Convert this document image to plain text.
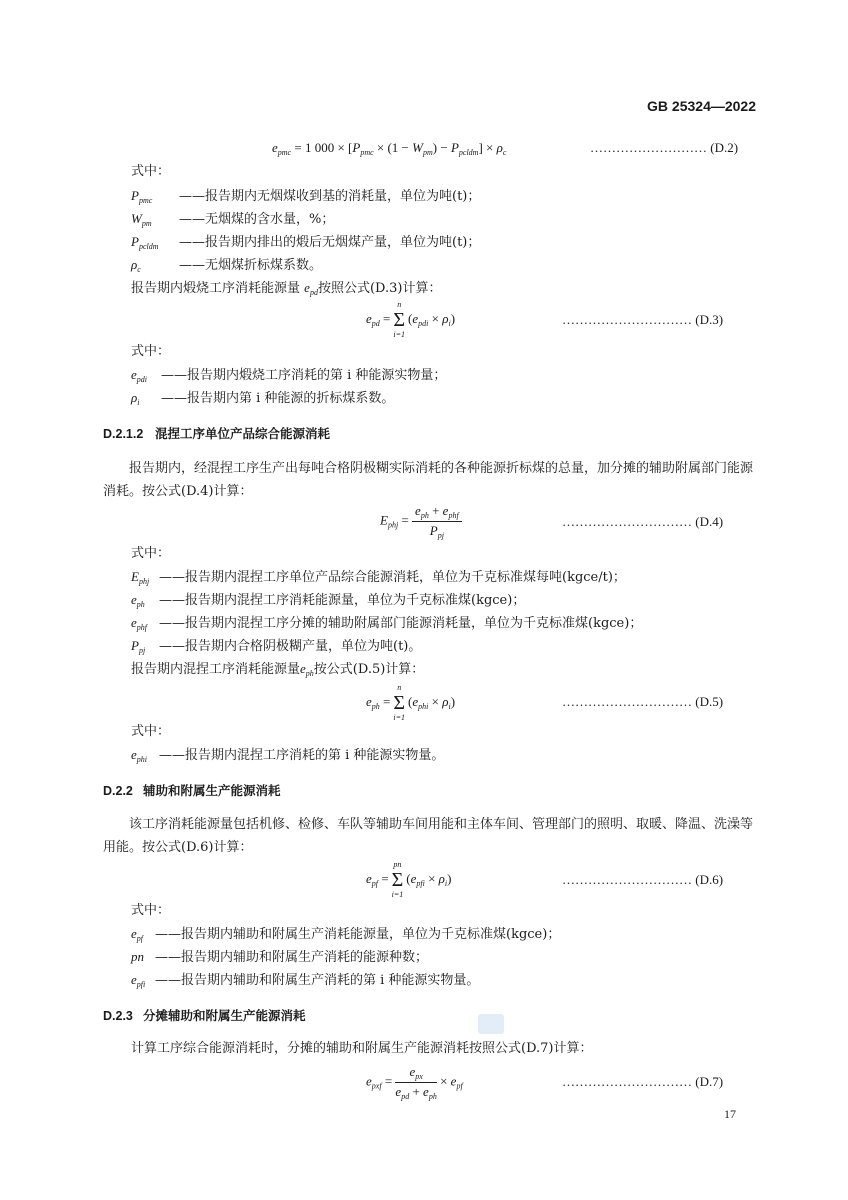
GB 25324—2022
$e_{pmc} = 1$ $000 \times [P_{pmc} \times (1 - W_{pm}) - P_{pcldm}] \times \rho_c$	……………………… (D.2)
式中：
$P_{pmc}$ ——报告期内无烟煤收到基的消耗量，单位为吨(t)；
$W_{pm}$ ——无烟煤的含水量，%；
$P_{pcldm}$ ——报告期内排出的煅后无烟煤产量，单位为吨(t)；
$\rho_c$	——无烟煤折标煤系数。
报告期内煅烧工序消耗能源量 $e_{pd}$按照公式(D.3)计算：
$e_{pd}$ =
n
Σ
i=1
$(e_{pdi} \times \rho_i)$	………………………… (D.3)
式中：
$e_{pdi}$ ——报告期内煅烧工序消耗的第 i 种能源实物量；
$\rho_i$ ——报告期内第 i 种能源的折标煤系数。
D.2.1.2 混捏工序单位产品综合能源消耗
报告期内，经混捏工序生产出每吨合格阴极糊实际消耗的各种能源折标煤的总量，加分摊的辅助附属部门能源消耗。按公式(D.4)计算：
$E_{phj} = \frac{e_{ph} + e_{phf}}{P_{pj}}$	………………………… (D.4)
式中：
$E_{phj}$ ——报告期内混捏工序单位产品综合能源消耗，单位为千克标准煤每吨(kgce/t)；
$e_{ph}$ ——报告期内混捏工序消耗能源量，单位为千克标准煤(kgce)；
$e_{phf}$ ——报告期内混捏工序分摊的辅助附属部门能源消耗量，单位为千克标准煤(kgce)；
$P_{pj}$ ——报告期内合格阴极糊产量，单位为吨(t)。
报告期内混捏工序消耗能源量$e_{ph}$按公式(D.5)计算：
$e_{ph}$ =
n
Σ
i=1
$(e_{phi} \times \rho_i)$	………………………… (D.5)
式中：
$e_{phi}$ ——报告期内混捏工序消耗的第 i 种能源实物量。
D.2.2 辅助和附属生产能源消耗
该工序消耗能源量包括机修、检修、车队等辅助车间用能和主体车间、管理部门的照明、取暖、降温、洗澡等用能。按公式(D.6)计算：
$e_{pf}$ =
pn
Σ
i=1
$(e_{pfi} \times \rho_i)$	………………………… (D.6)
式中：
$e_{pf}$ ——报告期内辅助和附属生产消耗能源量，单位为千克标准煤(kgce)；
pn ——报告期内辅助和附属生产消耗的能源种数；
$e_{pfi}$ ——报告期内辅助和附属生产消耗的第 i 种能源实物量。
D.2.3 分摊辅助和附属生产能源消耗
计算工序综合能源消耗时，分摊的辅助和附属生产能源消耗按照公式(D.7)计算：
$e_{pxf} = \frac{e_{px}}{e_{pd} + e_{ph}} \times e_{pf}$	………………………… (D.7)
17
